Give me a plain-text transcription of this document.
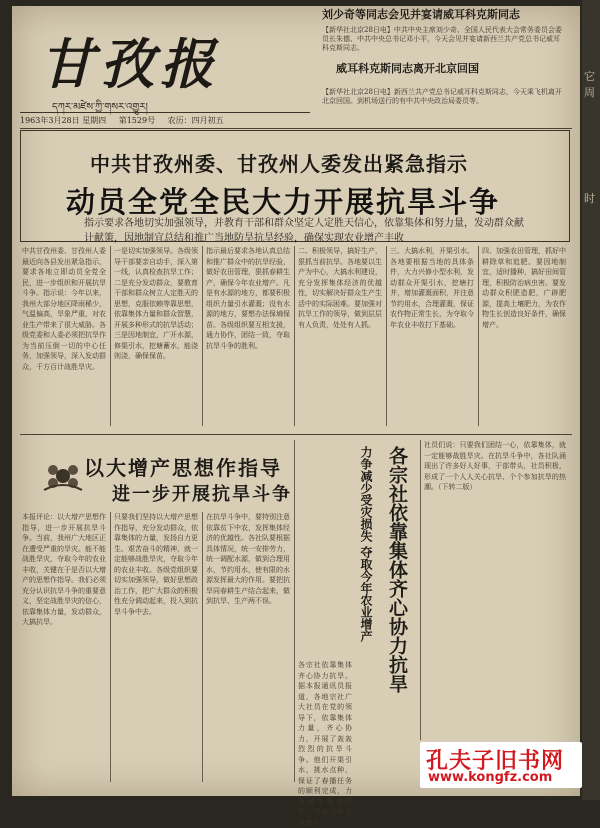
它周
时
甘孜报
དཀར་མཛེས་ཀྱི་གསར་འགྱུར།
1963年3月28日 星期四 第1529号 农历：四月初五
刘少奇等同志会见并宴请威耳科克斯同志
【新华社北京28日电】中共中央主席刘少奇、全国人民代表大会常务委员会委员长朱德、中共中央总书记邓小平，今天会见并宴请新西兰共产党总书记威耳科克斯同志。
威耳科克斯同志离开北京回国
【新华社北京28日电】新西兰共产党总书记威耳科克斯同志，今天乘飞机离开北京回国。到机场送行的有中共中央政治局委员等。
中共甘孜州委、甘孜州人委发出紧急指示
动员全党全民大力开展抗旱斗争
指示要求各地切实加强领导，并教育干部和群众坚定人定胜天信心，依靠集体和努力量，发动群众献计献策，因地制宜总结和推广当地防旱抗旱经验，确保实现农业增产丰收
中共甘孜州委、甘孜州人委最近向各县发出紧急指示，要求各地立即动员全党全民，进一步组织和开展抗旱斗争。指示说：今年以来，我州大部分地区降雨稀少，气温偏高，旱象严重，对农业生产带来了很大威胁。各级党委和人委必须把抗旱作为当前压倒一切的中心任务，加强领导，深入发动群众，千方百计战胜旱灾。
一是切实加强领导。各级领导干部要亲自动手，深入第一线，认真检查抗旱工作；二是充分发动群众，要教育干部和群众树立人定胜天的思想，克服依赖等靠思想，依靠集体力量和群众智慧，开展多种形式的抗旱活动；三是因地制宜，广开水源，修渠引水，挖塘蓄水，能浇则浇，确保保苗。
指示最后要求各地认真总结和推广群众中的抗旱经验，做好农田管理，狠抓春耕生产，确保今年农业增产。凡是有水源的地方，都要积极组织力量引水灌溉；没有水源的地方，要想办法保墒保苗。各级组织要互相支援，通力协作，团结一致，夺取抗旱斗争的胜利。
二、积极领导，搞好生产，狠抓当前抗旱。各地要以生产为中心，大搞水利建设，充分发挥集体经济的优越性，切实解决好群众生产生活中的实际困难。要加强对抗旱工作的领导，做到层层有人负责，处处有人抓。
三、大搞水利，开渠引水。各地要根据当地的具体条件，大力兴修小型水利，发动群众开渠引水，挖塘打井，增加灌溉面积，并注意节约用水，合理灌溉，保证农作物正常生长，为夺取今年农业丰收打下基础。
四、加强农田管理，抓好中耕除草和追肥。要因地制宜，适时播种，搞好田间管理，积极防治病虫害。要发动群众积肥造肥，广辟肥源，提高土壤肥力，为农作物生长创造良好条件，确保增产。
以大增产思想作指导
进一步开展抗旱斗争
本报评论：以大增产思想作指导，进一步开展抗旱斗争。当前，我州广大地区正在遭受严重的旱灾。能不能战胜旱灾，夺取今年的农业丰收，关键在于是否以大增产的思想作指导。我们必须充分认识抗旱斗争的重要意义，坚定战胜旱灾的信心，依靠集体力量，发动群众，大搞抗旱。
只要我们坚持以大增产思想作指导，充分发动群众，依靠集体的力量，发扬自力更生、艰苦奋斗的精神，就一定能够战胜旱灾，夺取今年的农业丰收。各级党组织要切实加强领导，做好思想政治工作，把广大群众的积极性充分调动起来，投入到抗旱斗争中去。
在抗旱斗争中，要特别注意依靠贫下中农，发挥集体经济的优越性。各社队要根据具体情况，统一安排劳力，统一调配水源，做到合理用水，节约用水，使有限的水源发挥最大的作用。要把抗旱同春耕生产结合起来，做到抗旱、生产两不误。	力争减少受灾损失 夺取今年农业增产 各宗社依靠集体齐心协力抗旱
各宗社依靠集体齐心协力抗旱。据本报通讯员报道，各地宗社广大社员在党的领导下，依靠集体力量，齐心协力，开展了轰轰烈烈的抗旱斗争。他们开渠引水，挑水点种，保证了春播任务的顺利完成，力争减少受灾损失，夺取今年农业增产。
社员们说：只要我们团结一心，依靠集体，就一定能够战胜旱灾。在抗旱斗争中，各社队涌现出了许多好人好事，干部带头，社员积极，形成了一个人人关心抗旱、个个参加抗旱的热潮。（下转二版）
孔夫子旧书网
www.kongfz.com
